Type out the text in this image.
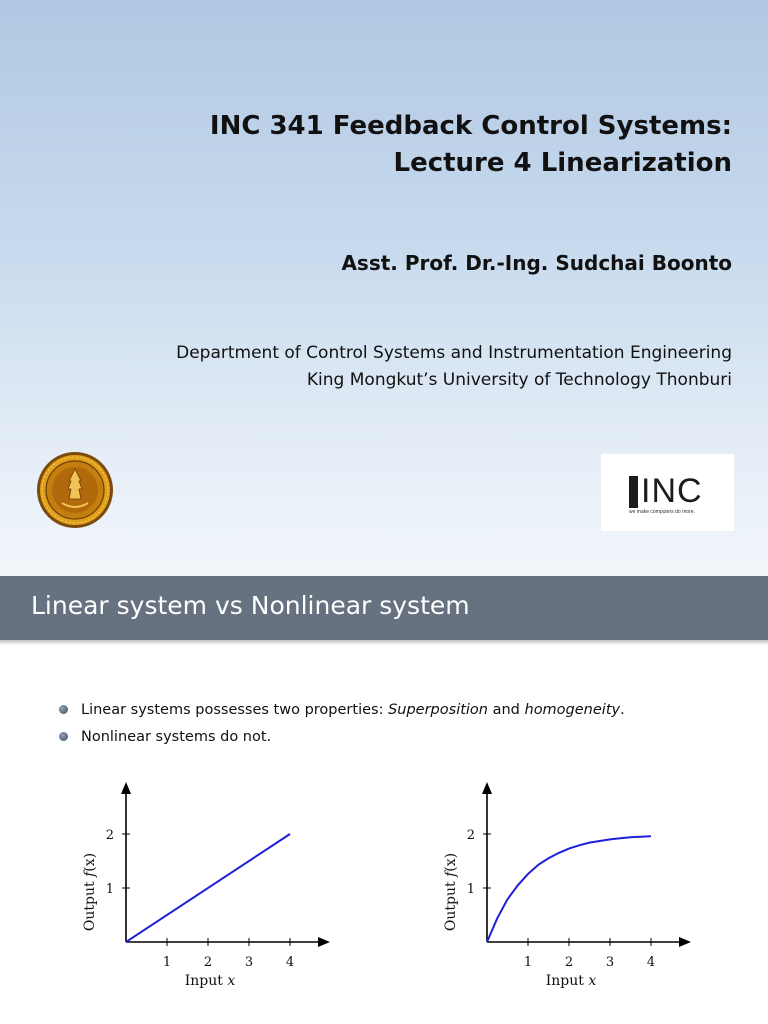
INC 341 Feedback Control Systems:
Lecture 4 Linearization
Asst. Prof. Dr.-Ing. Sudchai Boonto
Department of Control Systems and Instrumentation Engineering
King Mongkut’s University of Technology Thonburi
INC
we make computers do more.
Linear system vs Nonlinear system
Linear systems possesses two properties: Superposition and homogeneity.
Nonlinear systems do not.
1	2	3	4
1
2
Input x
Output f(x)
1	2	3	4
1
2
Input x
Output f(x)
